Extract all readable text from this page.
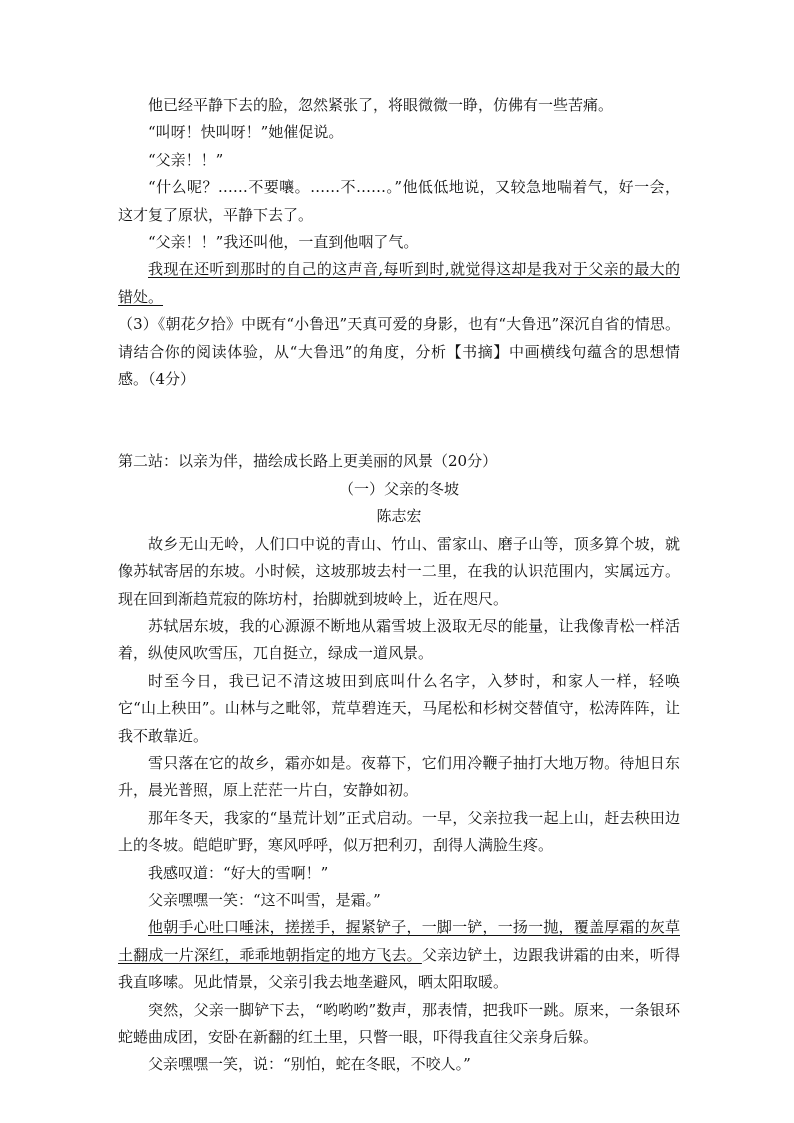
他已经平静下去的脸，忽然紧张了，将眼微微一睁，仿佛有一些苦痛。

“叫呀！快叫呀！”她催促说。

“父亲！！”

“什么呢？……不要嚷。……不……。”他低低地说，又较急地喘着气，好一会，这才复了原状，平静下去了。

“父亲！！”我还叫他，一直到他咽了气。

我现在还听到那时的自己的这声音,每听到时,就觉得这却是我对于父亲的最大的错处。

（3）《朝花夕拾》中既有“小鲁迅”天真可爱的身影，也有“大鲁迅”深沉自省的情思。请结合你的阅读体验，从“大鲁迅”的角度，分析【书摘】中画横线句蕴含的思想情感。（4分）

第二站：以亲为伴，描绘成长路上更美丽的风景（20分）

（一）父亲的冬坡

陈志宏

故乡无山无岭，人们口中说的青山、竹山、雷家山、磨子山等，顶多算个坡，就像苏轼寄居的东坡。小时候，这坡那坡去村一二里，在我的认识范围内，实属远方。现在回到渐趋荒寂的陈坊村，抬脚就到坡岭上，近在咫尺。

苏轼居东坡，我的心源源不断地从霜雪坡上汲取无尽的能量，让我像青松一样活着，纵使风吹雪压，兀自挺立，绿成一道风景。

时至今日，我已记不清这坡田到底叫什么名字，入梦时，和家人一样，轻唤它“山上秧田”。山林与之毗邻，荒草碧连天，马尾松和杉树交替值守，松涛阵阵，让我不敢靠近。

雪只落在它的故乡，霜亦如是。夜幕下，它们用冷鞭子抽打大地万物。待旭日东升，晨光普照，原上茫茫一片白，安静如初。

那年冬天，我家的“垦荒计划”正式启动。一早，父亲拉我一起上山，赶去秧田边上的冬坡。皑皑旷野，寒风呼呼，似万把利刃，刮得人满脸生疼。

我感叹道：“好大的雪啊！”

父亲嘿嘿一笑：“这不叫雪，是霜。”

他朝手心吐口唾沫，搓搓手，握紧铲子，一脚一铲，一扬一抛，覆盖厚霜的灰草土翻成一片深红，乖乖地朝指定的地方飞去。父亲边铲土，边跟我讲霜的由来，听得我直哆嗦。见此情景，父亲引我去地垄避风，晒太阳取暖。

突然，父亲一脚铲下去，“哟哟哟”数声，那表情，把我吓一跳。原来，一条银环蛇蜷曲成团，安卧在新翻的红土里，只瞥一眼，吓得我直往父亲身后躲。

父亲嘿嘿一笑，说：“别怕，蛇在冬眠，不咬人。”
